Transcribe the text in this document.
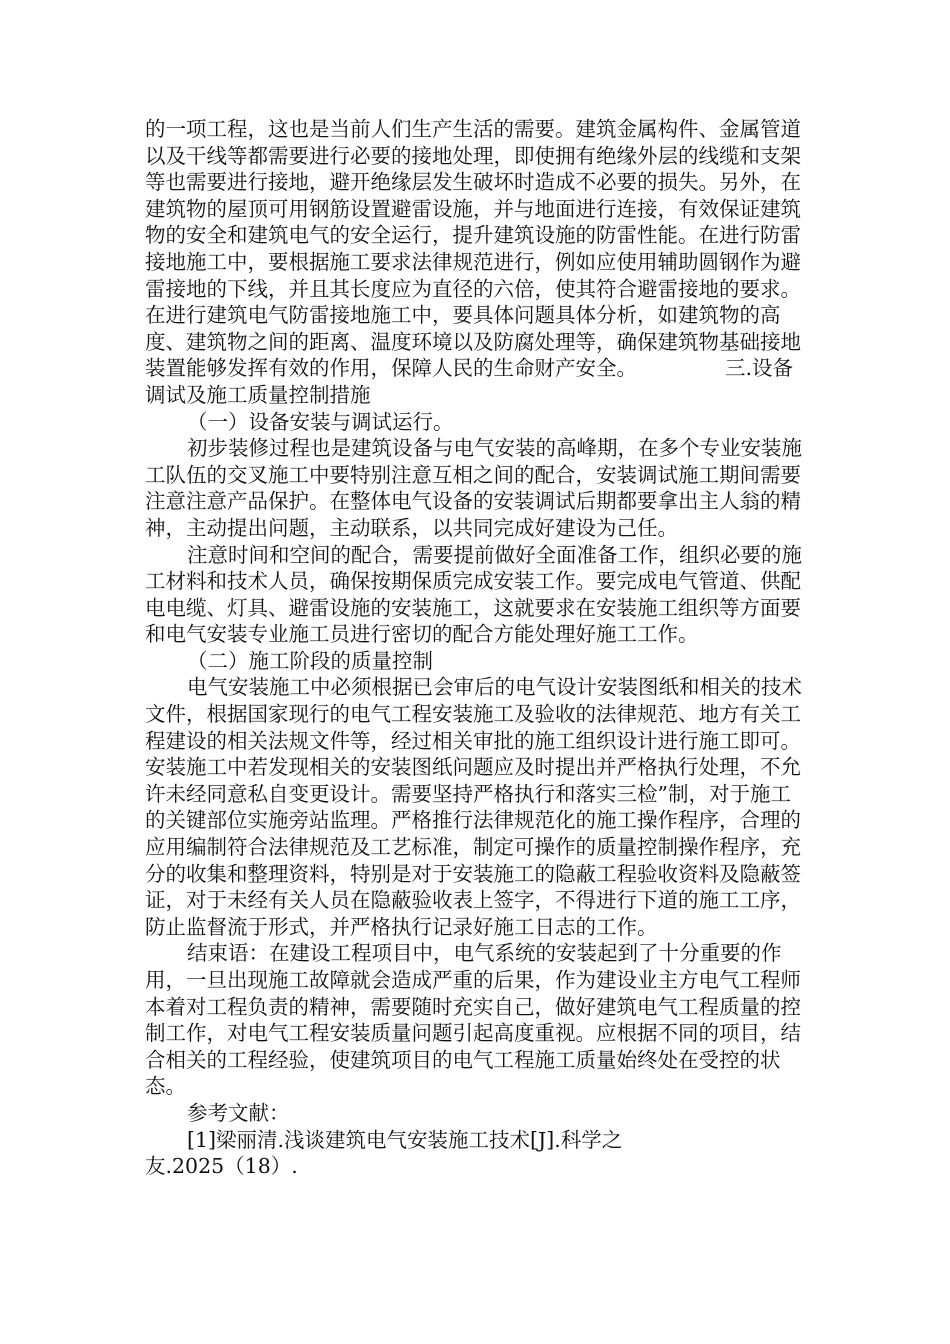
的一项工程，这也是当前人们生产生活的需要。建筑金属构件、金属管道以及干线等都需要进行必要的接地处理，即使拥有绝缘外层的线缆和支架等也需要进行接地，避开绝缘层发生破坏时造成不必要的损失。另外，在建筑物的屋顶可用钢筋设置避雷设施，并与地面进行连接，有效保证建筑物的安全和建筑电气的安全运行，提升建筑设施的防雷性能。在进行防雷接地施工中，要根据施工要求法律规范进行，例如应使用辅助圆钢作为避雷接地的下线，并且其长度应为直径的六倍，使其符合避雷接地的要求。在进行建筑电气防雷接地施工中，要具体问题具体分析，如建筑物的高度、建筑物之间的距离、温度环境以及防腐处理等，确保建筑物基础接地装置能够发挥有效的作用，保障人民的生命财产安全。	三.设备调试及施工质量控制措施

（一）设备安装与调试运行。

初步装修过程也是建筑设备与电气安装的高峰期，在多个专业安装施工队伍的交叉施工中要特别注意互相之间的配合，安装调试施工期间需要注意注意产品保护。在整体电气设备的安装调试后期都要拿出主人翁的精神，主动提出问题，主动联系，以共同完成好建设为己任。

注意时间和空间的配合，需要提前做好全面准备工作，组织必要的施工材料和技术人员，确保按期保质完成安装工作。要完成电气管道、供配电电缆、灯具、避雷设施的安装施工，这就要求在安装施工组织等方面要和电气安装专业施工员进行密切的配合方能处理好施工工作。

（二）施工阶段的质量控制

电气安装施工中必须根据已会审后的电气设计安装图纸和相关的技术文件，根据国家现行的电气工程安装施工及验收的法律规范、地方有关工程建设的相关法规文件等，经过相关审批的施工组织设计进行施工即可。安装施工中若发现相关的安装图纸问题应及时提出并严格执行处理，不允许未经同意私自变更设计。需要坚持严格执行和落实三检”制，对于施工的关键部位实施旁站监理。严格推行法律规范化的施工操作程序，合理的应用编制符合法律规范及工艺标准，制定可操作的质量控制操作程序，充分的收集和整理资料，特别是对于安装施工的隐蔽工程验收资料及隐蔽签证，对于未经有关人员在隐蔽验收表上签字，不得进行下道的施工工序，防止监督流于形式，并严格执行记录好施工日志的工作。

结束语：在建设工程项目中，电气系统的安装起到了十分重要的作用，一旦出现施工故障就会造成严重的后果，作为建设业主方电气工程师本着对工程负责的精神，需要随时充实自己，做好建筑电气工程质量的控制工作，对电气工程安装质量问题引起高度重视。应根据不同的项目，结合相关的工程经验，使建筑项目的电气工程施工质量始终处在受控的状态。

参考文献：

[1]梁丽清.浅谈建筑电气安装施工技术[J].科学之

友.2025（18）.
